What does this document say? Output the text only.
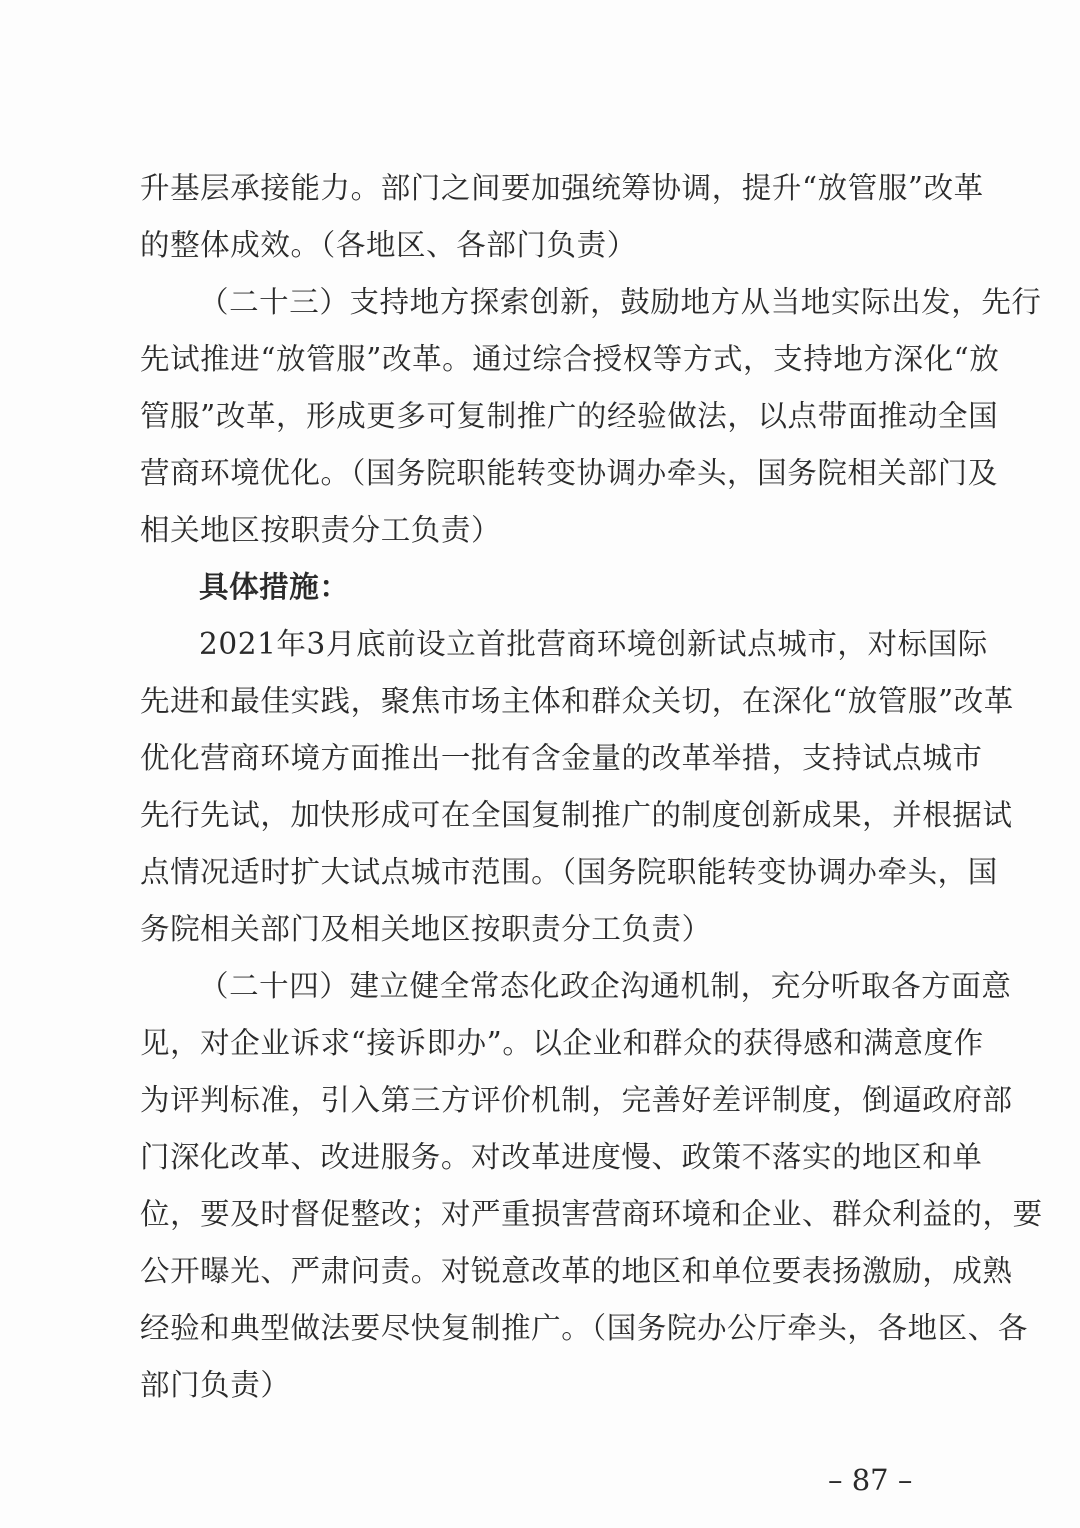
升基层承接能力。部门之间要加强统筹协调，提升“放管服”改革
的整体成效。（各地区、各部门负责）
（二十三）支持地方探索创新，鼓励地方从当地实际出发，先行
先试推进“放管服”改革。通过综合授权等方式，支持地方深化“放
管服”改革，形成更多可复制推广的经验做法，以点带面推动全国
营商环境优化。（国务院职能转变协调办牵头，国务院相关部门及
相关地区按职责分工负责）
具体措施：
2021年3月底前设立首批营商环境创新试点城市，对标国际
先进和最佳实践，聚焦市场主体和群众关切，在深化“放管服”改革
优化营商环境方面推出一批有含金量的改革举措，支持试点城市
先行先试，加快形成可在全国复制推广的制度创新成果，并根据试
点情况适时扩大试点城市范围。（国务院职能转变协调办牵头，国
务院相关部门及相关地区按职责分工负责）
（二十四）建立健全常态化政企沟通机制，充分听取各方面意
见，对企业诉求“接诉即办”。以企业和群众的获得感和满意度作
为评判标准，引入第三方评价机制，完善好差评制度，倒逼政府部
门深化改革、改进服务。对改革进度慢、政策不落实的地区和单
位，要及时督促整改；对严重损害营商环境和企业、群众利益的，要
公开曝光、严肃问责。对锐意改革的地区和单位要表扬激励，成熟
经验和典型做法要尽快复制推广。（国务院办公厅牵头，各地区、各
部门负责）
– 87 –
